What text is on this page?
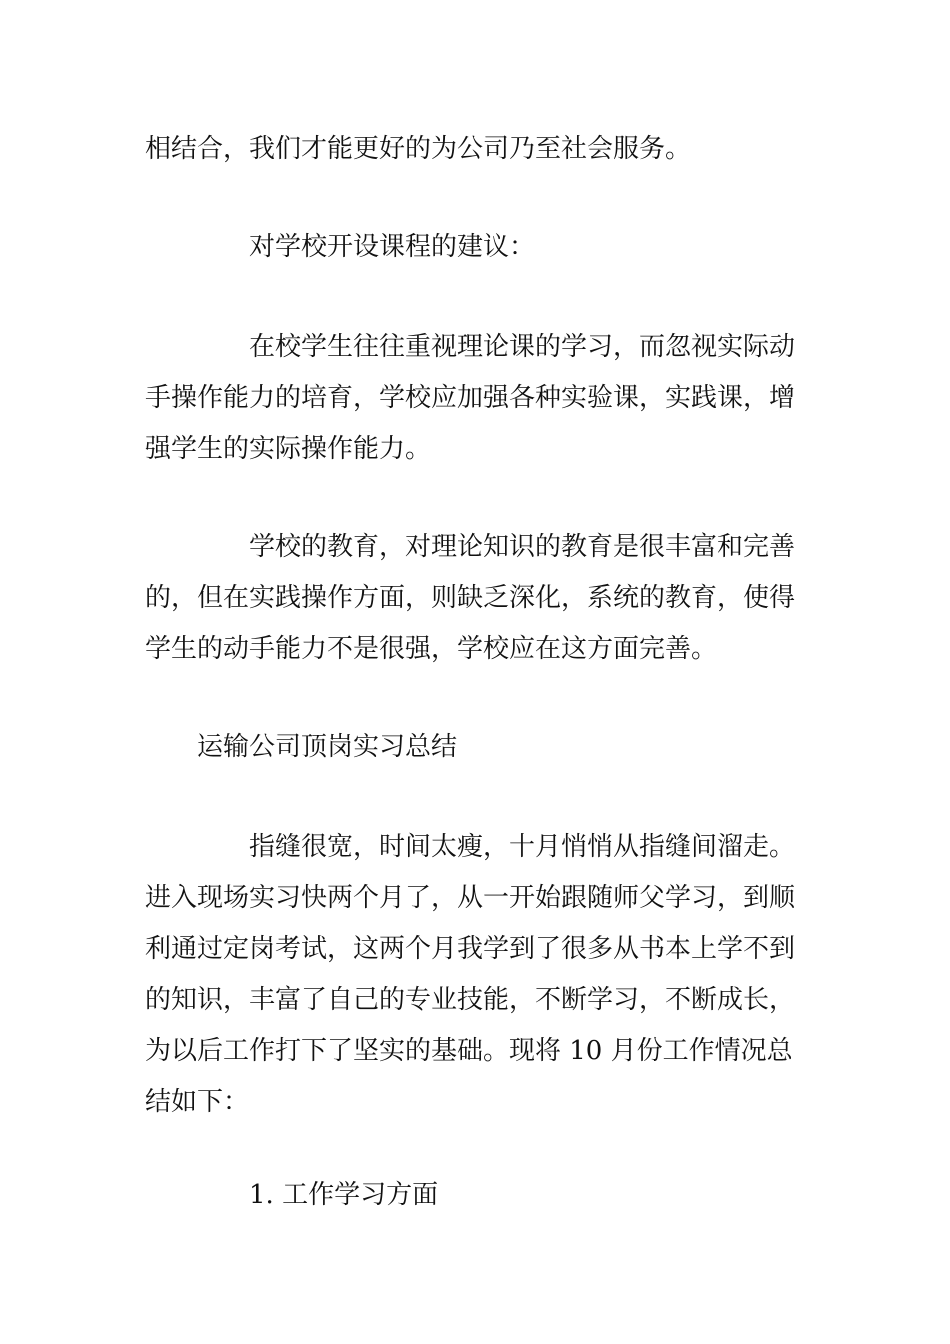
相结合，我们才能更好的为公司乃至社会服务。

对学校开设课程的建议：

在校学生往往重视理论课的学习，而忽视实际动手操作能力的培育，学校应加强各种实验课，实践课，增强学生的实际操作能力。

学校的教育，对理论知识的教育是很丰富和完善的，但在实践操作方面，则缺乏深化，系统的教育，使得学生的动手能力不是很强，学校应在这方面完善。

运输公司顶岗实习总结

指缝很宽，时间太瘦，十月悄悄从指缝间溜走。进入现场实习快两个月了，从一开始跟随师父学习，到顺利通过定岗考试，这两个月我学到了很多从书本上学不到的知识，丰富了自己的专业技能，不断学习，不断成长，为以后工作打下了坚实的基础。现将 10 月份工作情况总结如下：

1. 工作学习方面
